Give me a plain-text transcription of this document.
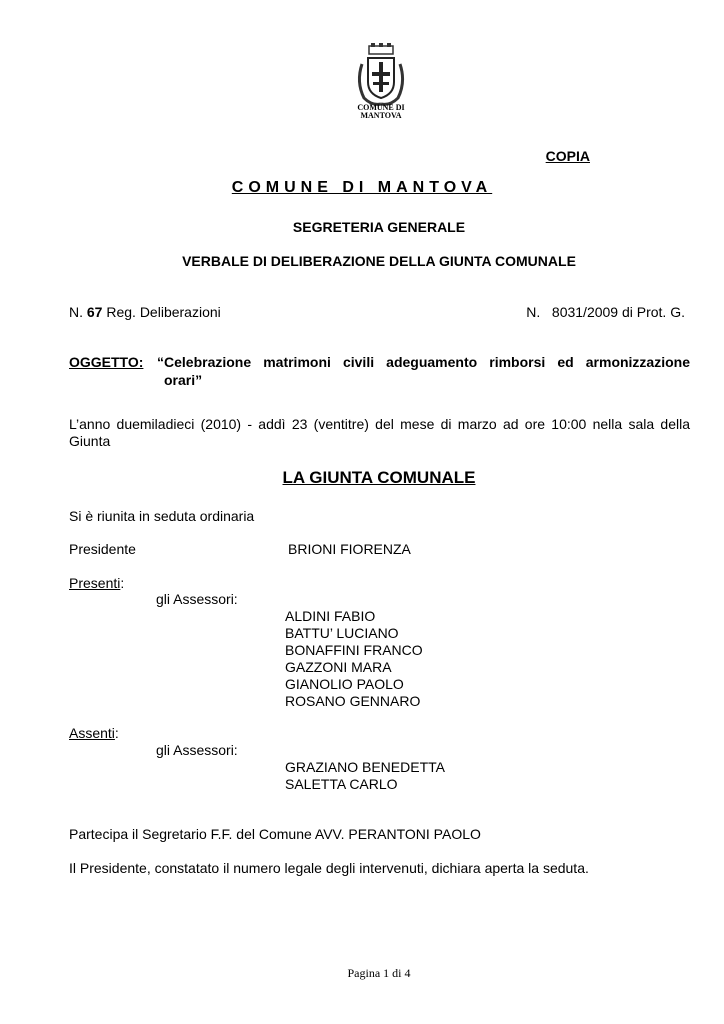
COMUNE DI
MANTOVA
COPIA
COMUNE DI MANTOVA
SEGRETERIA GENERALE
VERBALE DI DELIBERAZIONE DELLA GIUNTA COMUNALE
N. 67 Reg. Deliberazioni	N.   8031/2009 di Prot. G.
OGGETTO: “Celebrazione matrimoni civili adeguamento rimborsi ed armonizzazione
orari”
L’anno duemiladieci (2010) - addì 23 (ventitre) del mese di marzo ad ore 10:00 nella sala della
Giunta
LA GIUNTA COMUNALE
Si è riunita in seduta ordinaria
Presidente	BRIONI FIORENZA
Presenti:
gli Assessori:
ALDINI FABIO
BATTU’ LUCIANO
BONAFFINI FRANCO
GAZZONI MARA
GIANOLIO PAOLO
ROSANO GENNARO
Assenti:
gli Assessori:
GRAZIANO BENEDETTA
SALETTA CARLO
Partecipa il Segretario F.F. del Comune AVV. PERANTONI PAOLO
Il Presidente, constatato il numero legale degli intervenuti, dichiara aperta la seduta.
Pagina 1 di 4
